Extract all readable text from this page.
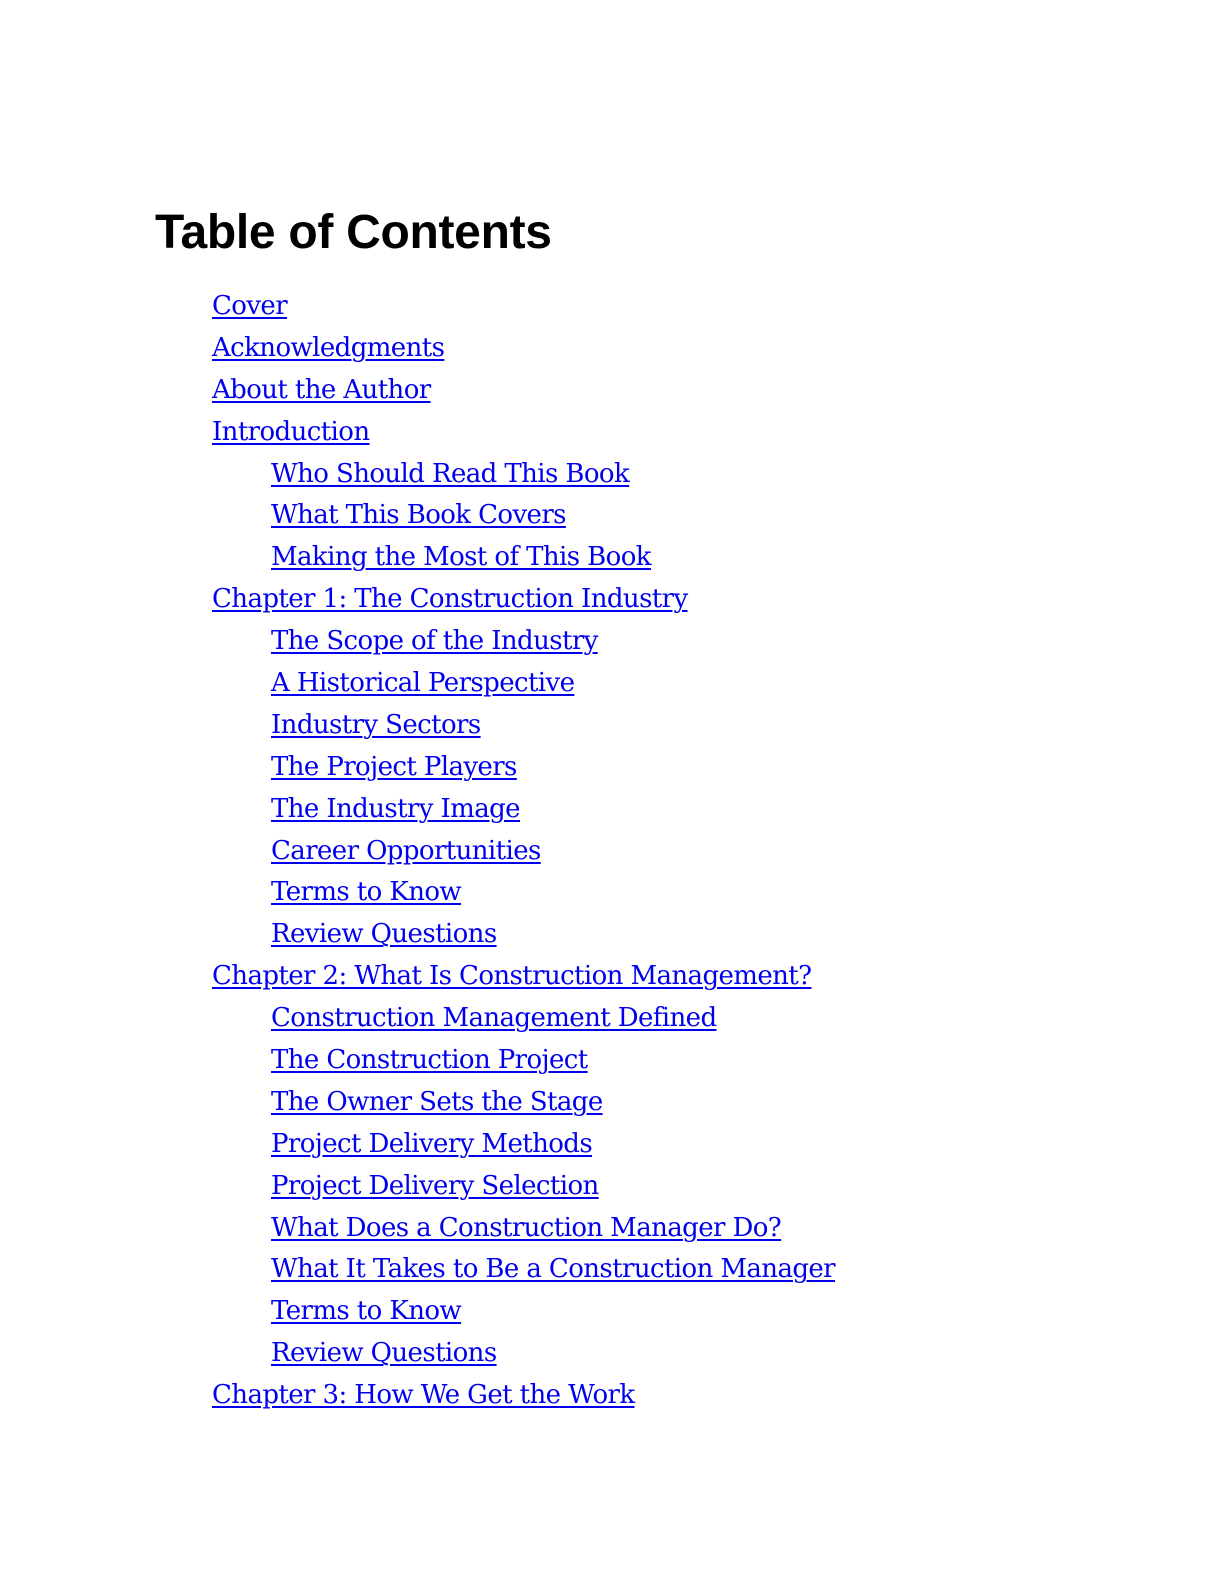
Table of Contents
Cover
Acknowledgments
About the Author
Introduction
Who Should Read This Book
What This Book Covers
Making the Most of This Book
Chapter 1: The Construction Industry
The Scope of the Industry
A Historical Perspective
Industry Sectors
The Project Players
The Industry Image
Career Opportunities
Terms to Know
Review Questions
Chapter 2: What Is Construction Management?
Construction Management Defined
The Construction Project
The Owner Sets the Stage
Project Delivery Methods
Project Delivery Selection
What Does a Construction Manager Do?
What It Takes to Be a Construction Manager
Terms to Know
Review Questions
Chapter 3: How We Get the Work
